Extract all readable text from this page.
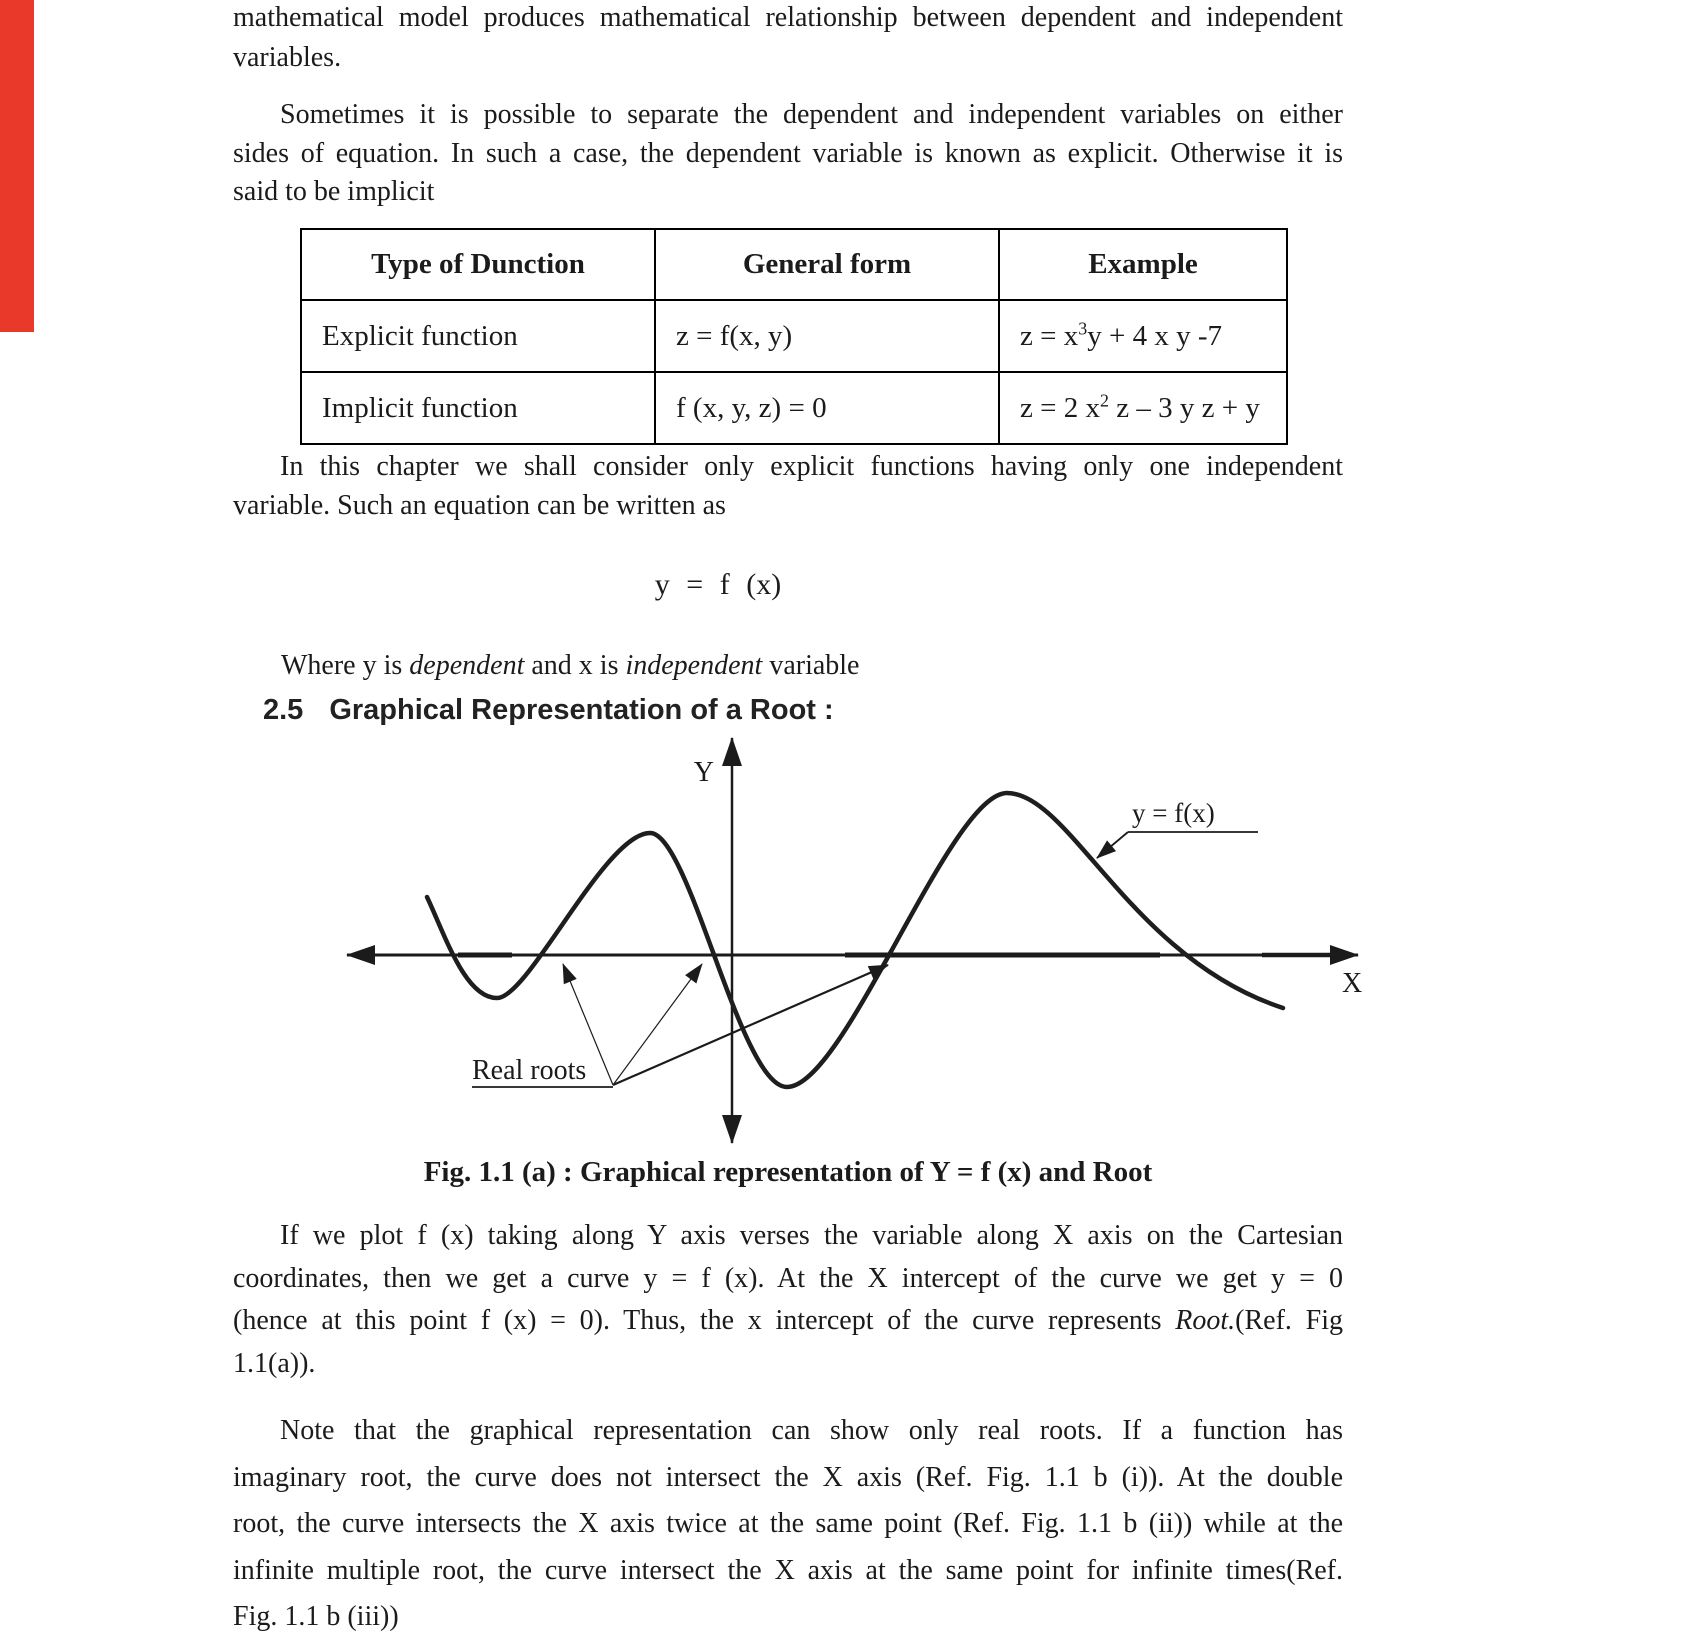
mathematical model produces mathematical relationship between dependent and independent
variables.
Sometimes it is possible to separate the dependent and independent variables on either
sides of equation. In such a case, the dependent variable is known as explicit. Otherwise it is
said to be implicit
Type of Dunction	General form	Example
Explicit function	z = f(x, y)	$z = x^3y + 4$ x y -7
Implicit function	f (x, y, z) = 0	z = 2 $x^2$ z – 3 y z + y
In this chapter we shall consider only explicit functions having only one independent
variable. Such an equation can be written as
y = f (x)
Where y is dependent and x is independent variable
2.5 Graphical Representation of a Root :
Real roots
y = f(x)
Y
X
Fig. 1.1 (a) : Graphical representation of Y = f (x) and Root
If we plot f (x) taking along Y axis verses the variable along X axis on the Cartesian
coordinates, then we get a curve y = f (x). At the X intercept of the curve we get y = 0
(hence at this point f (x) = 0). Thus, the x intercept of the curve represents Root.(Ref. Fig
1.1(a)).
Note that the graphical representation can show only real roots. If a function has
imaginary root, the curve does not intersect the X axis (Ref. Fig. 1.1 b (i)). At the double
root, the curve intersects the X axis twice at the same point (Ref. Fig. 1.1 b (ii)) while at the
infinite multiple root, the curve intersect the X axis at the same point for infinite times(Ref.
Fig. 1.1 b (iii))
